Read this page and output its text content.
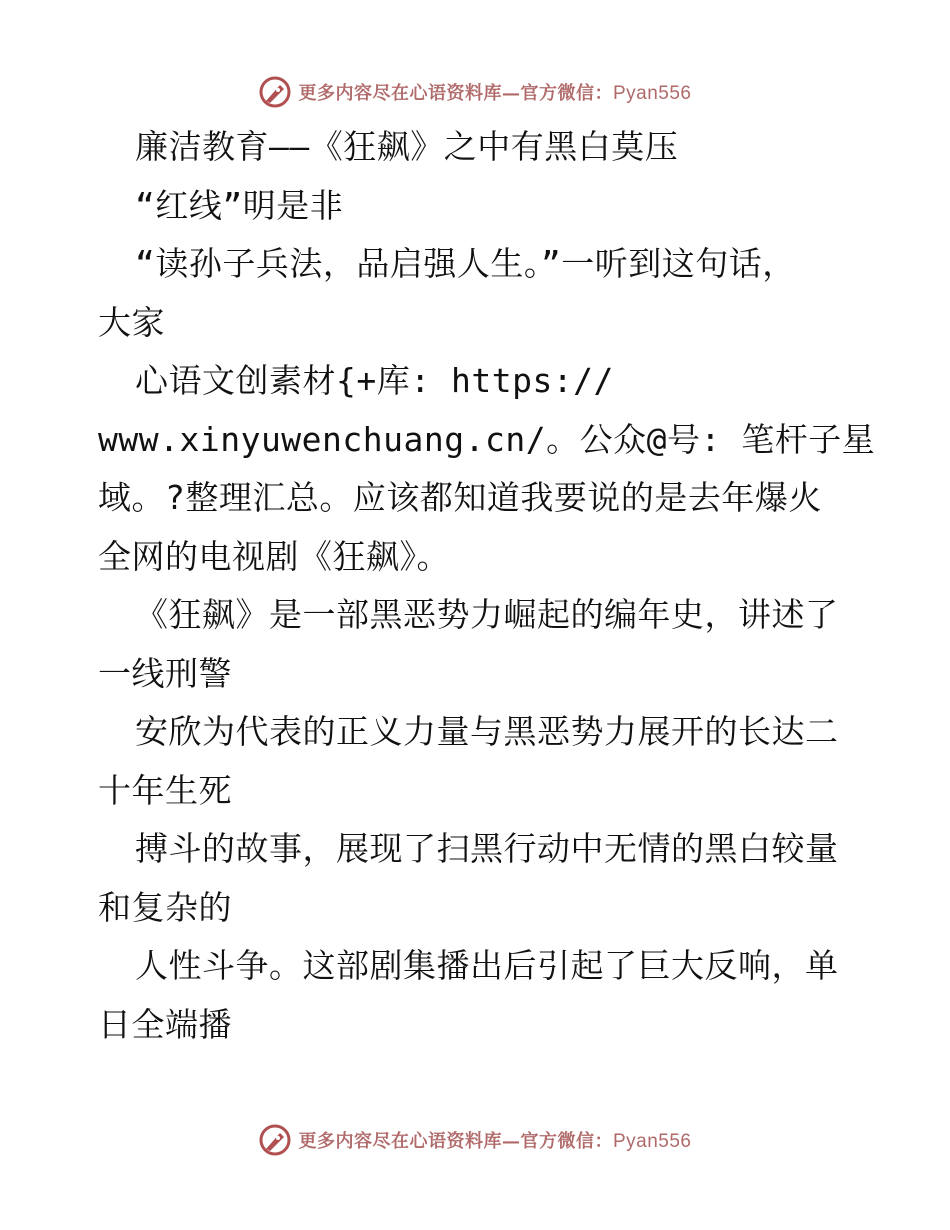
更多内容尽在心语资料库—官方微信：Pyan556
廉洁教育——《狂飙》之中有黑白莫压
“红线”明是非
“读孙子兵法，品启强人生。”一听到这句话，
大家
心语文创素材{+库: https://
www.xinyuwenchuang.cn/。公众@号: 笔杆子星
域。?整理汇总。应该都知道我要说的是去年爆火
全网的电视剧《狂飙》。
《狂飙》是一部黑恶势力崛起的编年史，讲述了
一线刑警
安欣为代表的正义力量与黑恶势力展开的长达二
十年生死
搏斗的故事，展现了扫黑行动中无情的黑白较量
和复杂的
人性斗争。这部剧集播出后引起了巨大反响，单
日全端播
更多内容尽在心语资料库—官方微信：Pyan556
